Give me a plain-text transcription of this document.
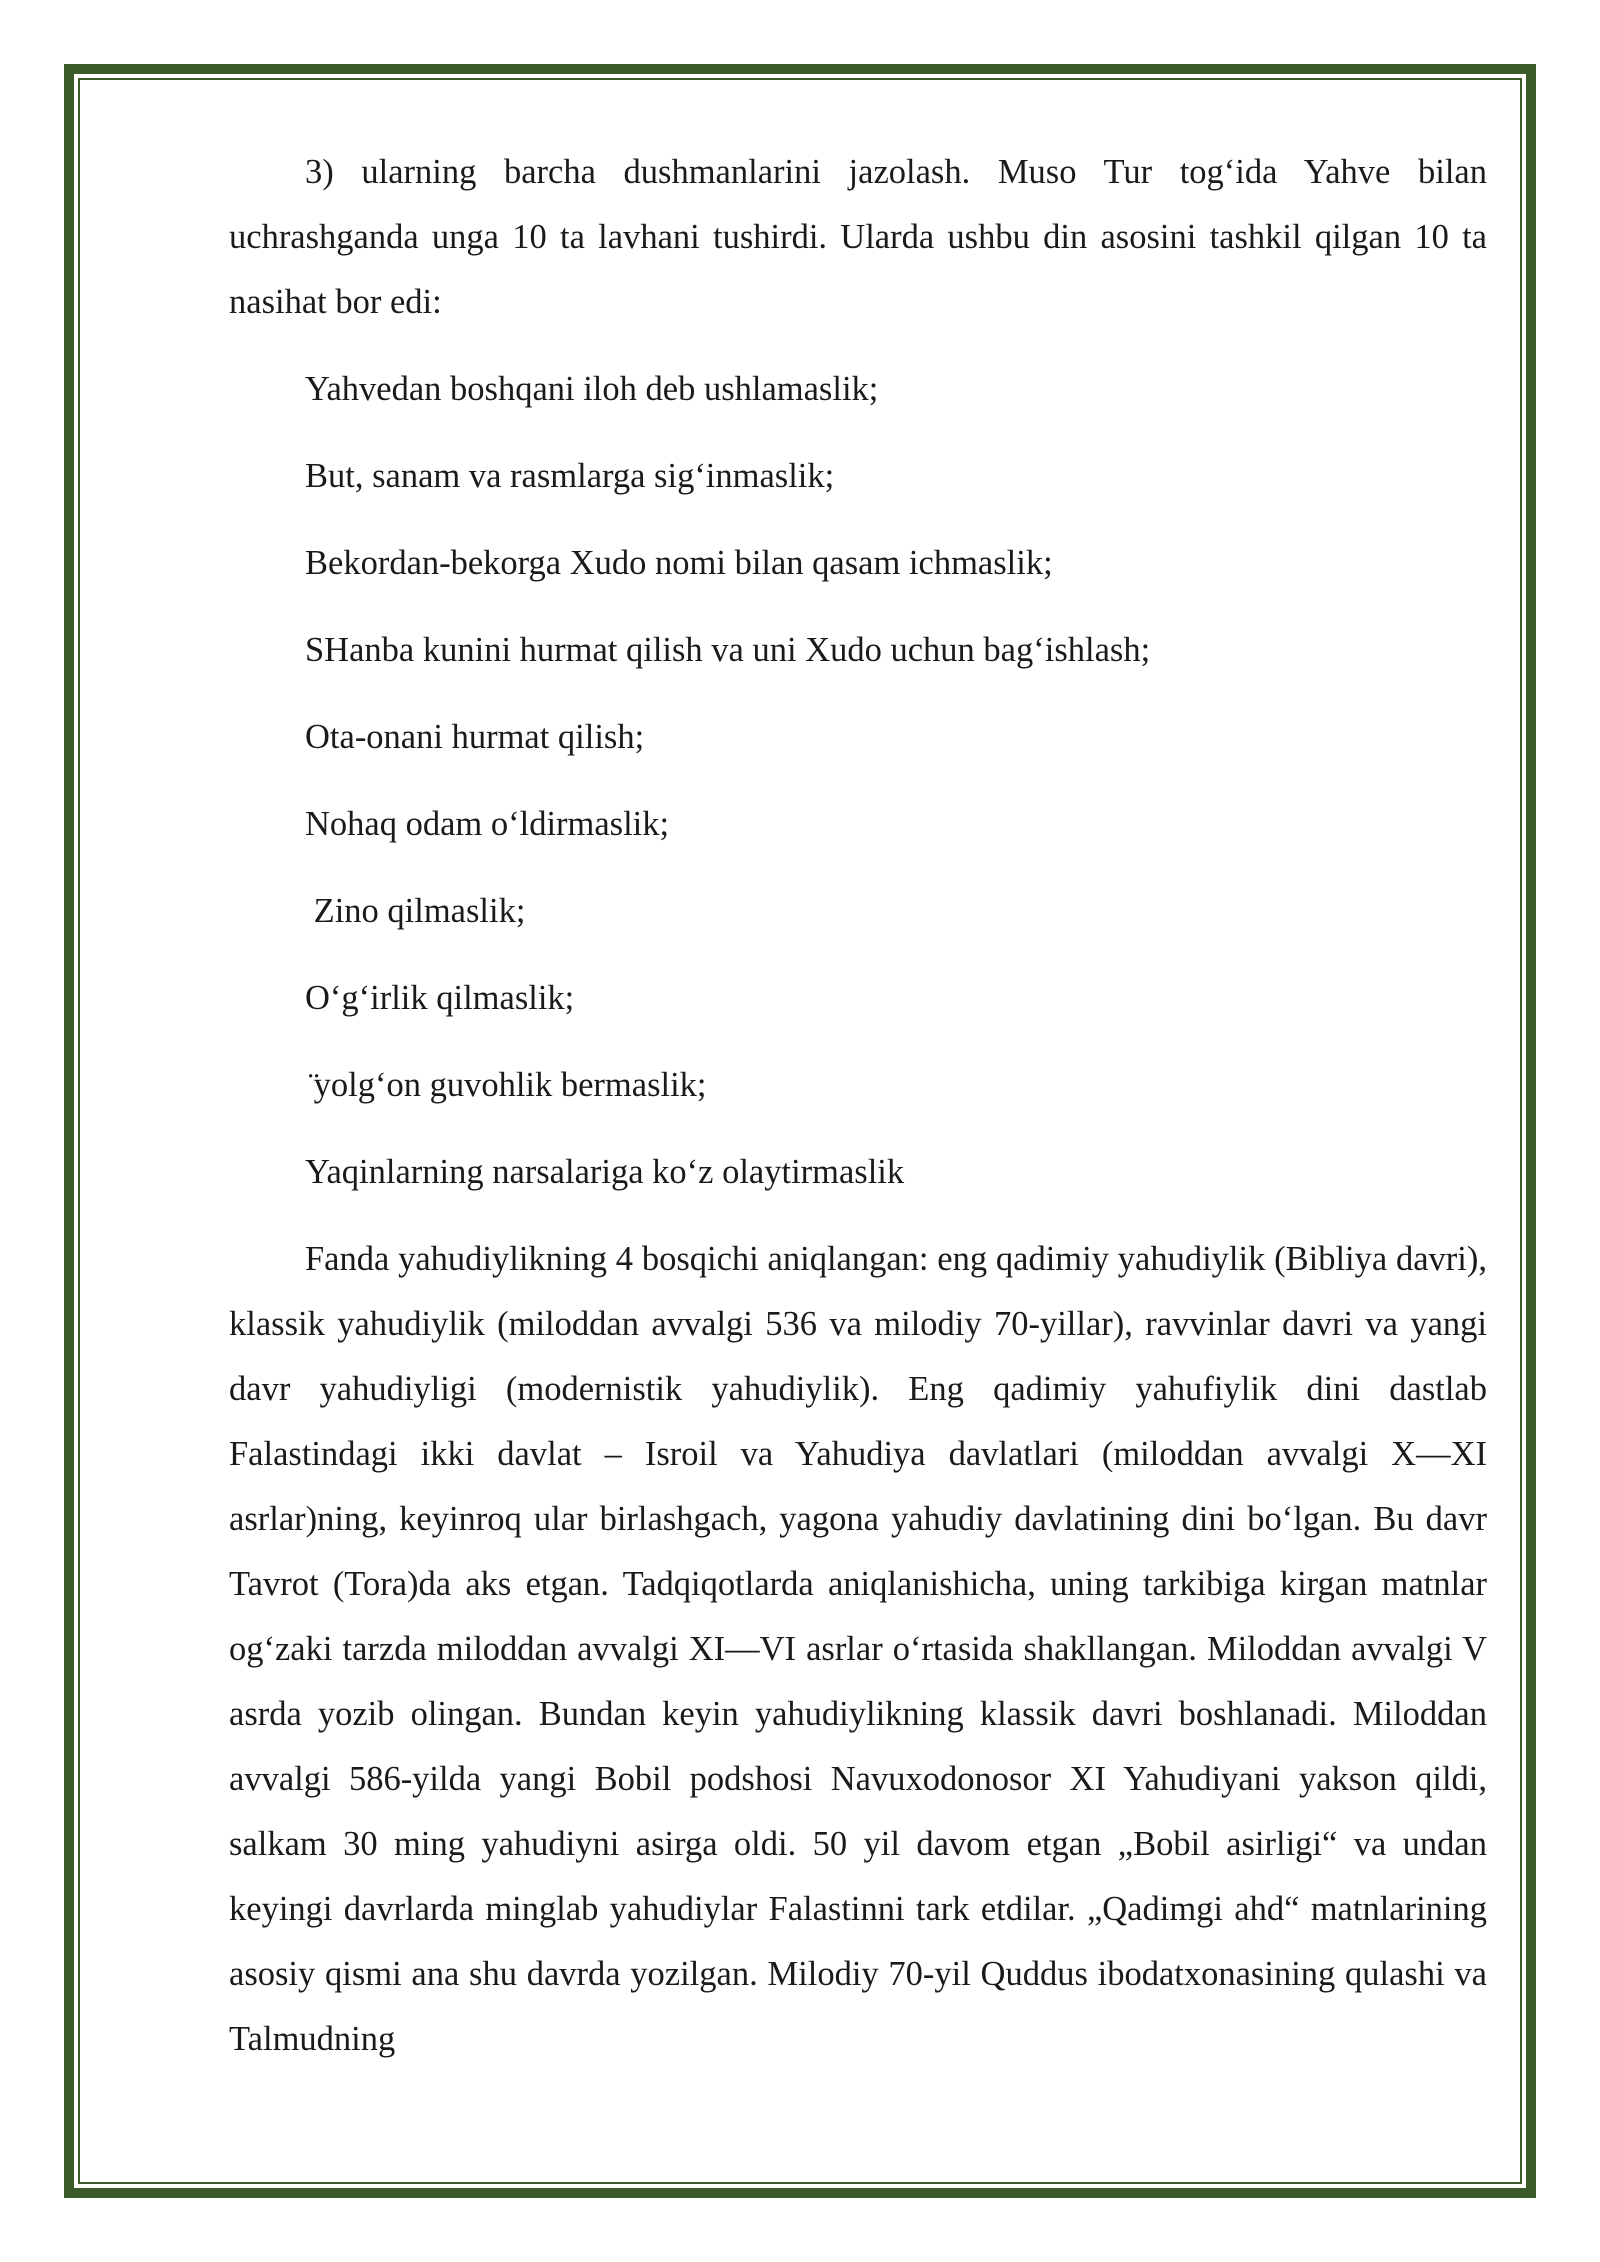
3) ularning barcha dushmanlarini jazolash. Muso Tur tog‘ida Yahve bilan uchrashganda unga 10 ta lavhani tushirdi. Ularda ushbu din asosini tashkil qilgan 10 ta nasihat bor edi:

Yahvedan boshqani iloh deb ushlamaslik;

But, sanam va rasmlarga sig‘inmaslik;

Bekordan-bekorga Xudo nomi bilan qasam ichmaslik;

SHanba kunini hurmat qilish va uni Xudo uchun bag‘ishlash;

Ota-onani hurmat qilish;

Nohaq odam o‘ldirmaslik;

Zino qilmaslik;

O‘g‘irlik qilmaslik;

̈yolg‘on guvohlik bermaslik;

Yaqinlarning narsalariga ko‘z olaytirmaslik

Fanda yahudiylikning 4 bosqichi aniqlangan: eng qadimiy yahudiylik (Bibliya davri), klassik yahudiylik (miloddan avvalgi 536 va milodiy 70-yillar), ravvinlar davri va yangi davr yahudiyligi (modernistik yahudiylik). Eng qadimiy yahufiylik dini dastlab Falastindagi ikki davlat – Isroil va Yahudiya davlatlari (miloddan avvalgi X—XI asrlar)ning, keyinroq ular birlashgach, yagona yahudiy davlatining dini bo‘lgan. Bu davr Tavrot (Tora)da aks etgan. Tadqiqotlarda aniqlanishicha, uning tarkibiga kirgan matnlar og‘zaki tarzda miloddan avvalgi XI—VI asrlar o‘rtasida shakllangan. Miloddan avvalgi V asrda yozib olingan. Bundan keyin yahudiylikning klassik davri boshlanadi. Miloddan avvalgi 586-yilda yangi Bobil podshosi Navuxodonosor XI Yahudiyani yakson qildi, salkam 30 ming yahudiyni asirga oldi. 50 yil davom etgan „Bobil asirligi“ va undan keyingi davrlarda minglab yahudiylar Falastinni tark etdilar. „Qadimgi ahd“ matnlarining asosiy qismi ana shu davrda yozilgan. Milodiy 70-yil Quddus ibodatxonasining qulashi va Talmudning
